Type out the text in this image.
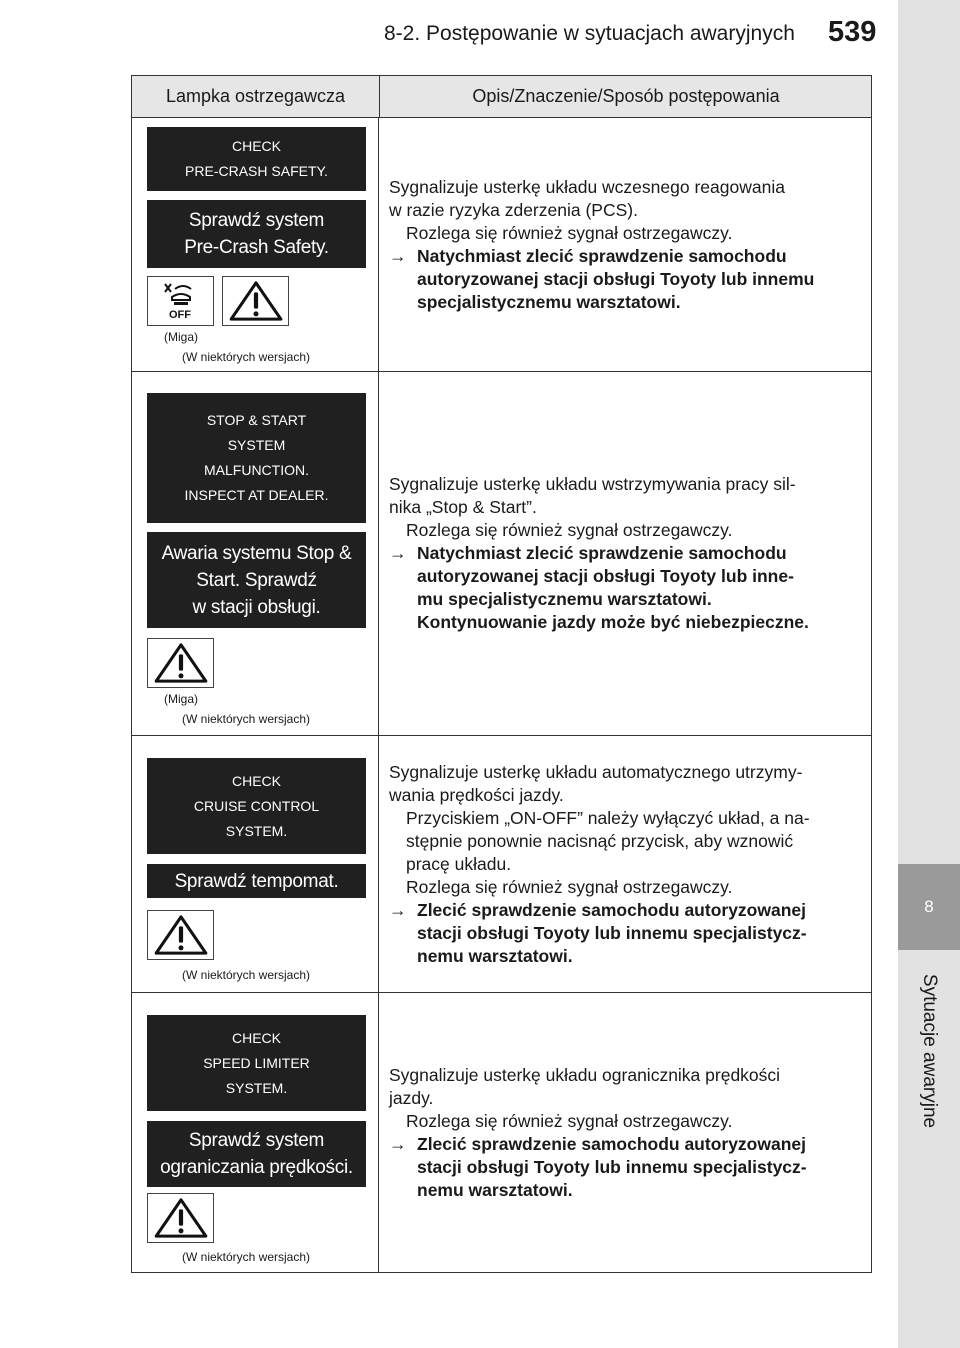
8-2. Postępowanie w sytuacjach awaryjnych 539
8
Sytuacje awaryjne
Lampka ostrzegawcza	Opis/Znaczenie/Sposób postępowania
CHECK
PRE-CRASH SAFETY.
Sprawdź system
Pre-Crash Safety.
OFF
(Miga)
(W niektórych wersjach)

Sygnalizuje usterkę układu wczesnego reagowania
w razie ryzyka zderzenia (PCS).

Rozlega się również sygnał ostrzegawczy.

→ Natychmiast zlecić sprawdzenie samochodu
autoryzowanej stacji obsługi Toyoty lub innemu
specjalistycznemu warsztatowi.

STOP & START
SYSTEM
MALFUNCTION.
INSPECT AT DEALER.
Awaria systemu Stop &
Start. Sprawdź
w stacji obsługi.
(Miga)
(W niektórych wersjach)

Sygnalizuje usterkę układu wstrzymywania pracy sil-
nika „Stop & Start”.

Rozlega się również sygnał ostrzegawczy.

→ Natychmiast zlecić sprawdzenie samochodu
autoryzowanej stacji obsługi Toyoty lub inne-
mu specjalistycznemu warsztatowi.
Kontynuowanie jazdy może być niebezpieczne.

CHECK
CRUISE CONTROL
SYSTEM.
Sprawdź tempomat.
(W niektórych wersjach)

Sygnalizuje usterkę układu automatycznego utrzymy-
wania prędkości jazdy.

Przyciskiem „ON-OFF” należy wyłączyć układ, a na-
stępnie ponownie nacisnąć przycisk, aby wznowić
pracę układu.
Rozlega się również sygnał ostrzegawczy.

→ Zlecić sprawdzenie samochodu autoryzowanej
stacji obsługi Toyoty lub innemu specjalistycz-
nemu warsztatowi.

CHECK
SPEED LIMITER
SYSTEM.
Sprawdź system
ograniczania prędkości.
(W niektórych wersjach)

Sygnalizuje usterkę układu ogranicznika prędkości
jazdy.

Rozlega się również sygnał ostrzegawczy.

→ Zlecić sprawdzenie samochodu autoryzowanej
stacji obsługi Toyoty lub innemu specjalistycz-
nemu warsztatowi.
